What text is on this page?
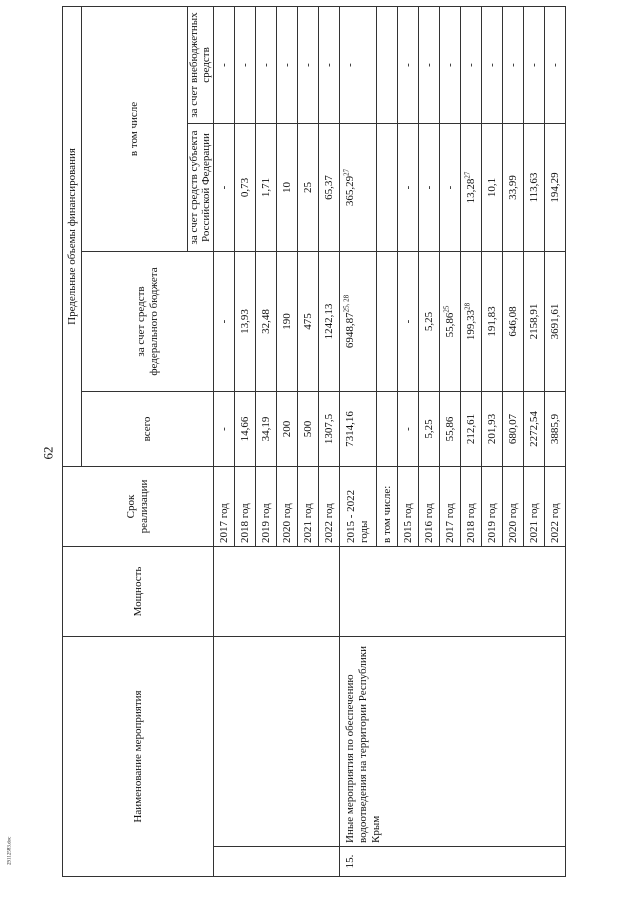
62
29112583.doc
Наименование мероприятия		Мощность	Срок реализации	Предельные объемы финансирования			
				всего	за счет средств федерального бюджета	в том числе	
						за счет средств субъекта Российской Федерации	за счет внебюджетных средств
			2017 год	-	-	-	-
			2018 год	14,66	13,93	0,73	-
			2019 год	34,19	32,48	1,71	-
			2020 год	200	190	10	-
			2021 год	500	475	25	-
			2022 год	1307,5	1242,13	65,37	-
15.	Иные мероприятия по обеспечению водоотведения на территории Республики Крым		2015 - 2022 годы	7314,16	6948,87$^{25, 28}$	365,29$^{27}$	-
			в том числе:				
			2015 год	-	-	-	-
			2016 год	5,25	5,25	-	-
			2017 год	55,86	55,86$^{25}$	-	-
			2018 год	212,61	199,33$^{28}$	13,28$^{27}$	-
			2019 год	201,93	191,83	10,1	-
			2020 год	680,07	646,08	33,99	-
			2021 год	2272,54	2158,91	113,63	-
			2022 год	3885,9	3691,61	194,29	-
